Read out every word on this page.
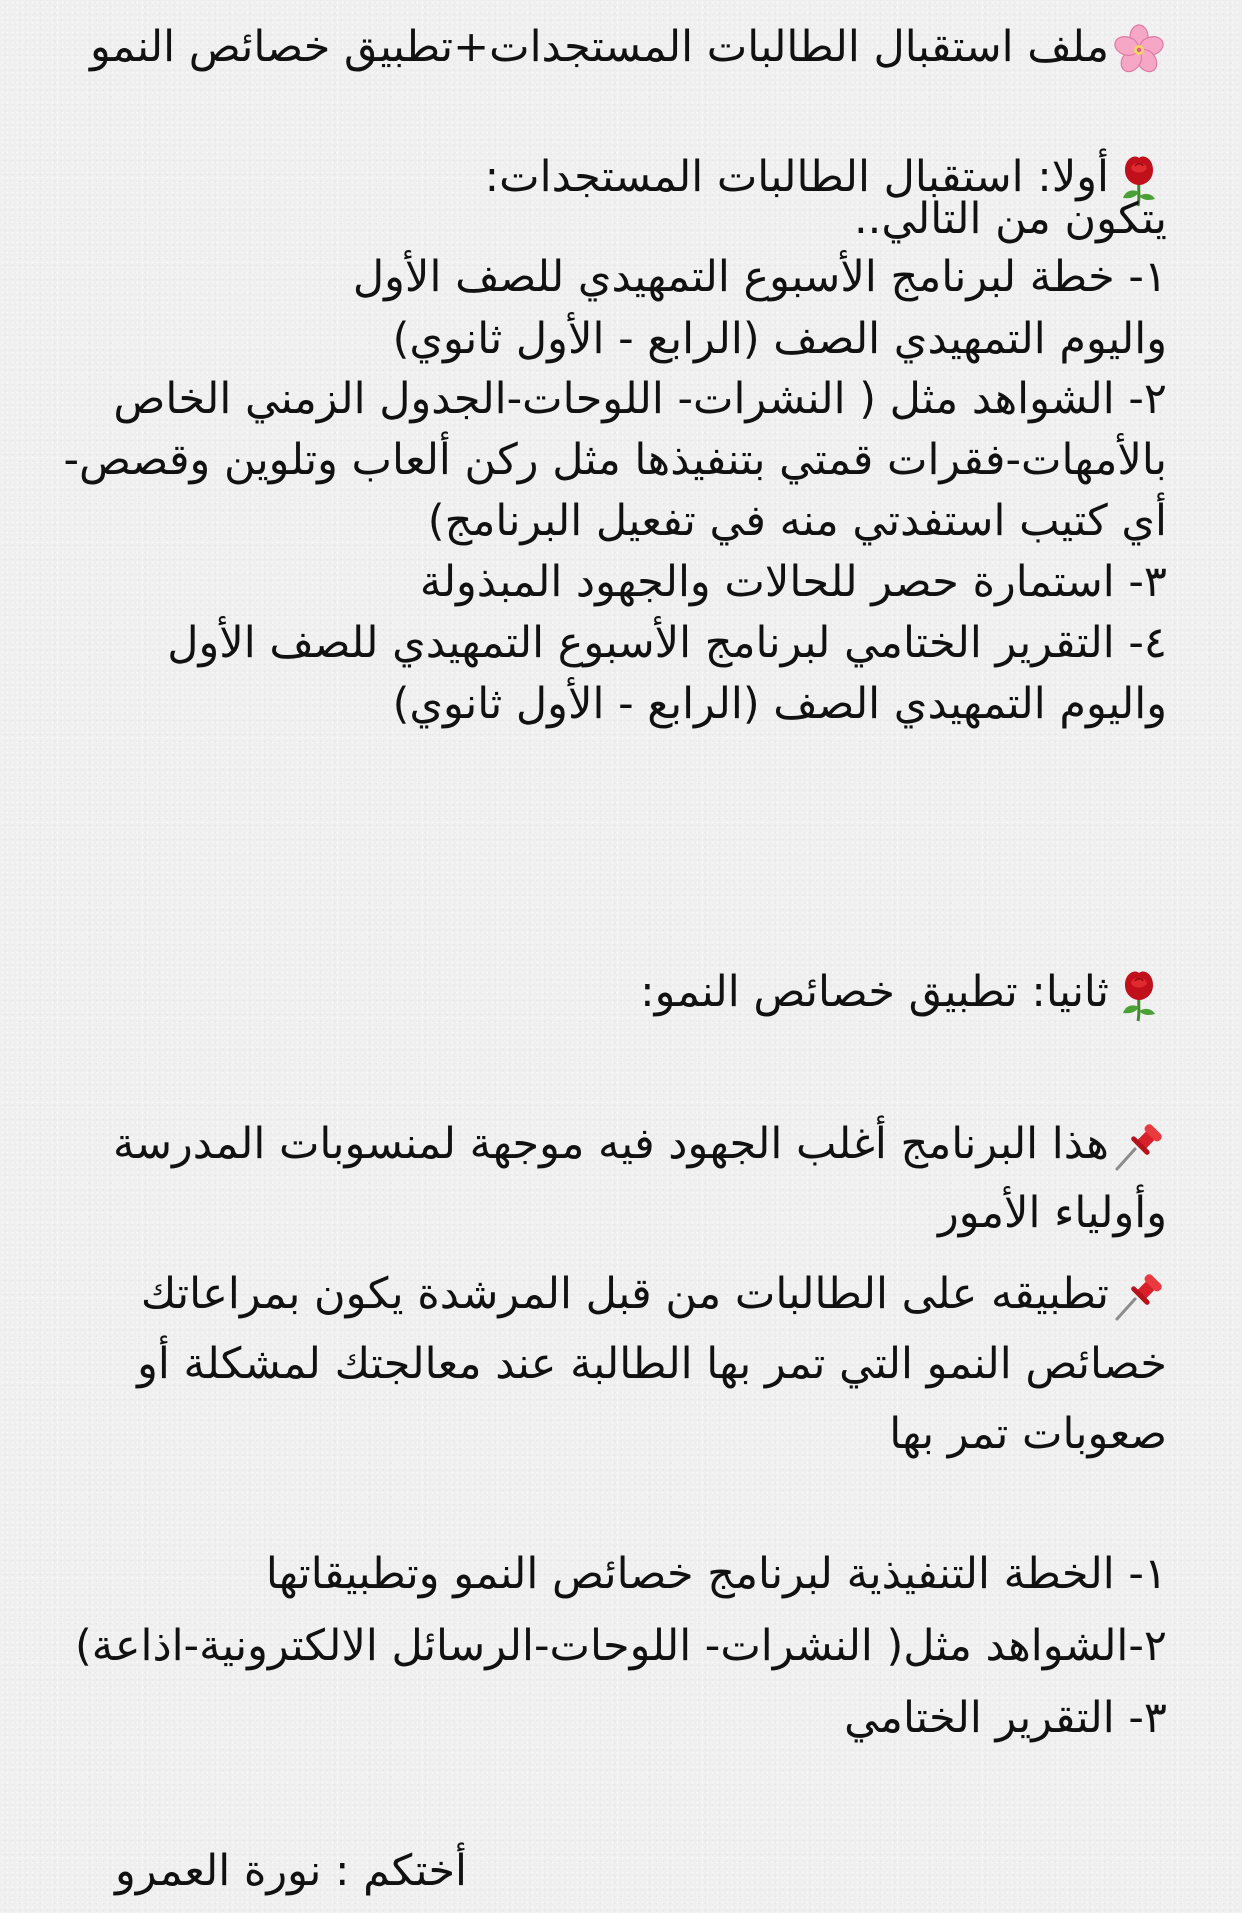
ملف استقبال الطالبات المستجدات+تطبيق خصائص النمو
أولا: استقبال الطالبات المستجدات:
يتكون من التالي..
١- خطة لبرنامج الأسبوع التمهيدي للصف الأول
واليوم التمهيدي الصف (الرابع - الأول ثانوي)
٢- الشواهد مثل ( النشرات- اللوحات-الجدول الزمني الخاص
بالأمهات-فقرات قمتي بتنفيذها مثل ركن ألعاب وتلوين وقصص-
أي كتيب استفدتي منه في تفعيل البرنامج)
٣- استمارة حصر للحالات والجهود المبذولة
٤- التقرير الختامي لبرنامج الأسبوع التمهيدي للصف الأول
واليوم التمهيدي الصف (الرابع - الأول ثانوي)
ثانيا: تطبيق خصائص النمو:
هذا البرنامج أغلب الجهود فيه موجهة لمنسوبات المدرسة
وأولياء الأمور
تطبيقه على الطالبات من قبل المرشدة يكون بمراعاتك
خصائص النمو التي تمر بها الطالبة عند معالجتك لمشكلة أو
صعوبات تمر بها
١- الخطة التنفيذية لبرنامج خصائص النمو وتطبيقاتها
٢-الشواهد مثل( النشرات- اللوحات-الرسائل الالكترونية-اذاعة)
٣- التقرير الختامي
أختكم : نورة العمرو
